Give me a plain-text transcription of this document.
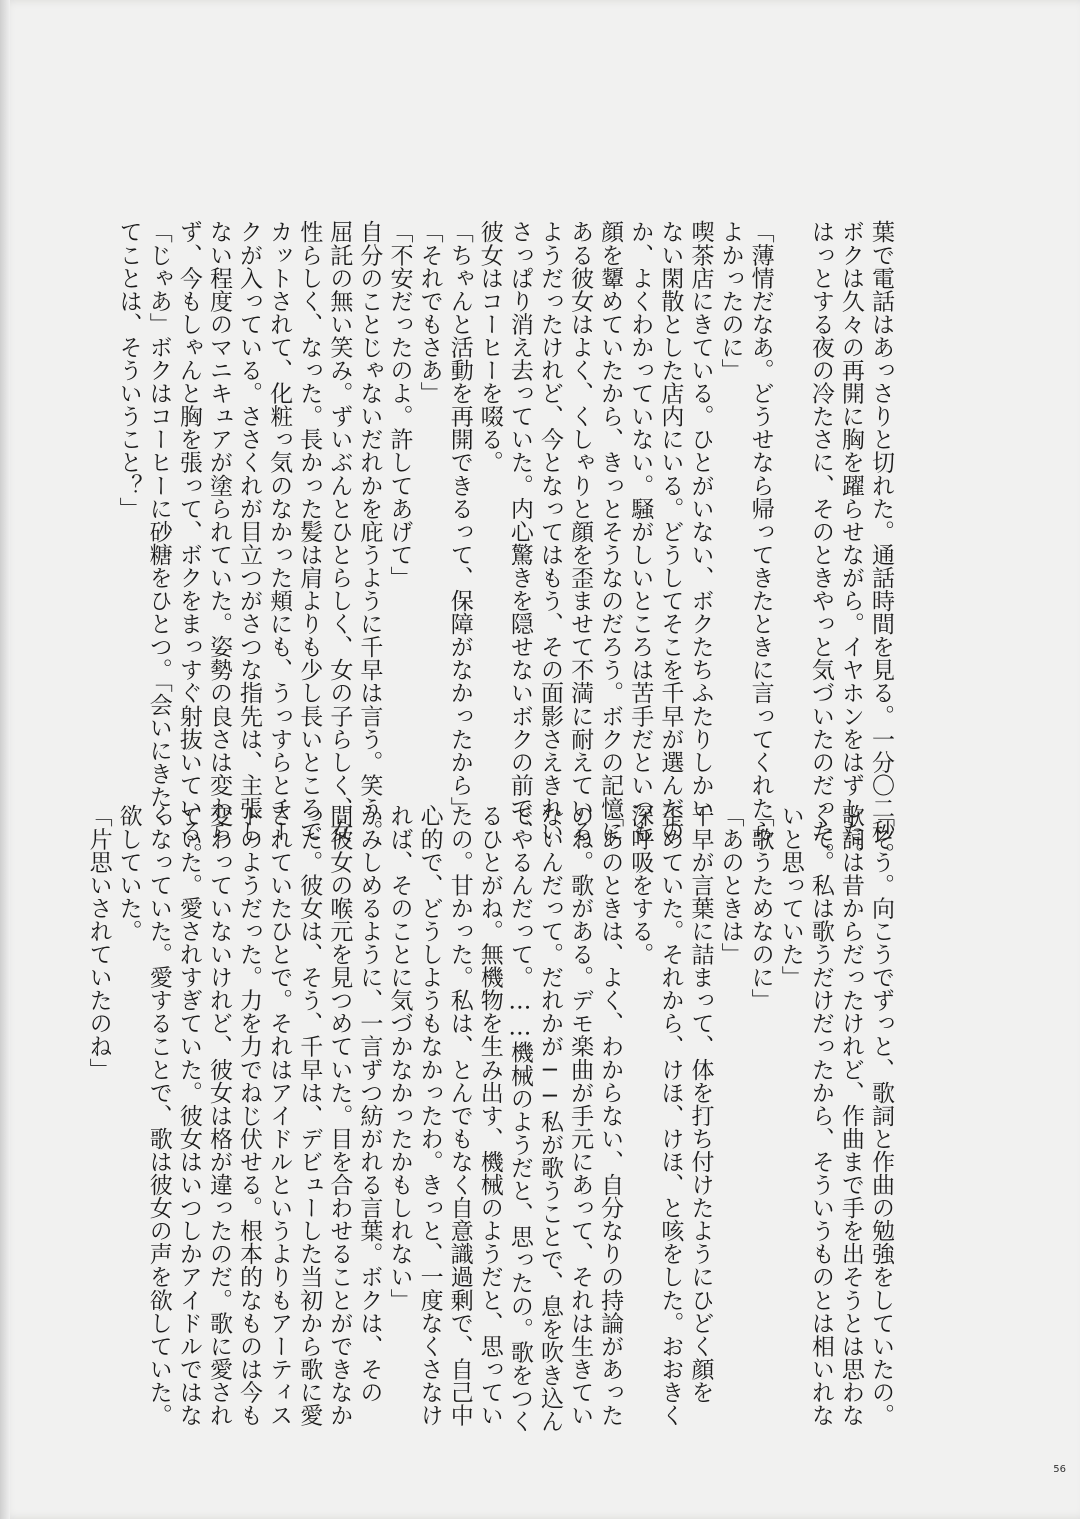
葉で電話はあっさりと切れた。通話時間を見る。一分〇二秒。
ボクは久々の再開に胸を躍らせながら。イヤホンをはずした。
はっとする夜の冷たさに、そのときやっと気づいたのだった。

「薄情だなあ。どうせなら帰ってきたときに言ってくれたら
よかったのに」
喫茶店にきている。ひとがいない、ボクたちふたりしかい
ない閑散とした店内にいる。どうしてそこを千早が選んだの
か、よくわかっていない。騒がしいところは苦手だといつも
顔を顰めていたから、きっとそうなのだろう。ボクの記憶に
ある彼女はよく、くしゃりと顔を歪ませて不満に耐えている
ようだったけれど、今となってはもう、その面影さえきれい
さっぱり消え去っていた。内心驚きを隠せないボクの前で、
彼女はコーヒーを啜る。
「ちゃんと活動を再開できるって、保障がなかったから」
「それでもさあ」
「不安だったのよ。許してあげて」
自分のことじゃないだれかを庇うように千早は言う。笑う。
屈託の無い笑み。ずいぶんとひとらしく、女の子らしく、女
性らしく、なった。長かった髪は肩よりも少し長いところで
カットされて、化粧っ気のなかった頬にも、うっすらとチー
クが入っている。ささくれが目立つがさつな指先は、主張し
ない程度のマニキュアが塗られていた。姿勢の良さは変わら
ず、今もしゃんと胸を張って、ボクをまっすぐ射抜いている。
「じゃあ」ボクはコーヒーに砂糖をひとつ。「会いにきたっ
てことは、そういうこと？」
「そう。向こうでずっと、歌詞と作曲の勉強をしていたの。
歌詞は昔からだったけれど、作曲まで手を出そうとは思わな
くて。私は歌うだけだったから、そういうものとは相いれな
いと思っていた」
「歌うためなのに」
「あのときは」
千早が言葉に詰まって、体を打ち付けたようにひどく顔を
歪めていた。それから、けほ、けほ、と咳をした。おおきく
深呼吸をする。
「あのときは、よく、わからない、自分なりの持論があった
のね。歌がある。デモ楽曲が手元にあって、それは生きてい
ないんだって。だれかが──私が歌うことで、息を吹き込ん
でやるんだって。……機械のようだと、思ったの。歌をつく
るひとがね。無機物を生み出す、機械のようだと、思ってい
たの。甘かった。私は、とんでもなく自意識過剰で、自己中
心的で、どうしようもなかったわ。きっと、一度なくさなけ
れば、そのことに気づかなかったかもしれない」
かみしめるように、一言ずつ紡がれる言葉。ボクは、その
間彼女の喉元を見つめていた。目を合わせることができなか
った。彼女は、そう、千早は、デビューした当初から歌に愛
されていたひとで。それはアイドルというよりもアーティス
トのようだった。力を力でねじ伏せる。根本的なものは今も
変わっていないけれど、彼女は格が違ったのだ。歌に愛され
ていた。愛されすぎていた。彼女はいつしかアイドルではな
くなっていた。愛することで、歌は彼女の声を欲していた。
欲していた。
「片思いされていたのね」
56
